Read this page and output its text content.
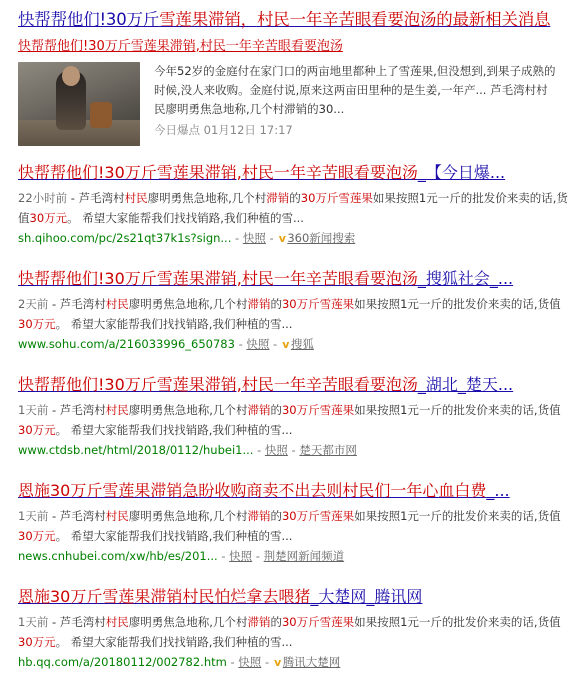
快帮帮他们!30万斤雪莲果滞销，村民一年辛苦眼看要泡汤的最新相关消息
快帮帮他们!30万斤雪莲果滞销,村民一年辛苦眼看要泡汤
今年52岁的金庭付在家门口的两亩地里都种上了雪莲果,但没想到,到果子成熟的时候,没人来收购。金庭付说,原来这两亩田里种的是生姜,一年产... 芦毛湾村村民廖明勇焦急地称,几个村滞销的30...
今日爆点 01月12日 17:17
快帮帮他们!30万斤雪莲果滞销,村民一年辛苦眼看要泡汤_【今日爆...
22小时前 - 芦毛湾村村民廖明勇焦急地称,几个村滞销的30万斤雪莲果如果按照1元一斤的批发价来卖的话,货值30万元。 希望大家能帮我们找找销路,我们种植的雪...
sh.qihoo.com/pc/2s21qt37k1s?sign... - 快照 - v360新闻搜索
快帮帮他们!30万斤雪莲果滞销,村民一年辛苦眼看要泡汤_搜狐社会_...
2天前 - 芦毛湾村村民廖明勇焦急地称,几个村滞销的30万斤雪莲果如果按照1元一斤的批发价来卖的话,货值30万元。 希望大家能帮我们找找销路,我们种植的雪...
www.sohu.com/a/216033996_650783 - 快照 - v搜狐
快帮帮他们!30万斤雪莲果滞销,村民一年辛苦眼看要泡汤_湖北_楚天...
1天前 - 芦毛湾村村民廖明勇焦急地称,几个村滞销的30万斤雪莲果如果按照1元一斤的批发价来卖的话,货值30万元。 希望大家能帮我们找找销路,我们种植的雪...
www.ctdsb.net/html/2018/0112/hubei1... - 快照 - 楚天都市网
恩施30万斤雪莲果滞销急盼收购商卖不出去则村民们一年心血白费_...
1天前 - 芦毛湾村村民廖明勇焦急地称,几个村滞销的30万斤雪莲果如果按照1元一斤的批发价来卖的话,货值30万元。 希望大家能帮我们找找销路,我们种植的雪...
news.cnhubei.com/xw/hb/es/201... - 快照 - 荆楚网新闻频道
恩施30万斤雪莲果滞销村民怕烂拿去喂猪_大楚网_腾讯网
1天前 - 芦毛湾村村民廖明勇焦急地称,几个村滞销的30万斤雪莲果如果按照1元一斤的批发价来卖的话,货值30万元。 希望大家能帮我们找找销路,我们种植的雪...
hb.qq.com/a/20180112/002782.htm - 快照 - v腾讯大楚网
